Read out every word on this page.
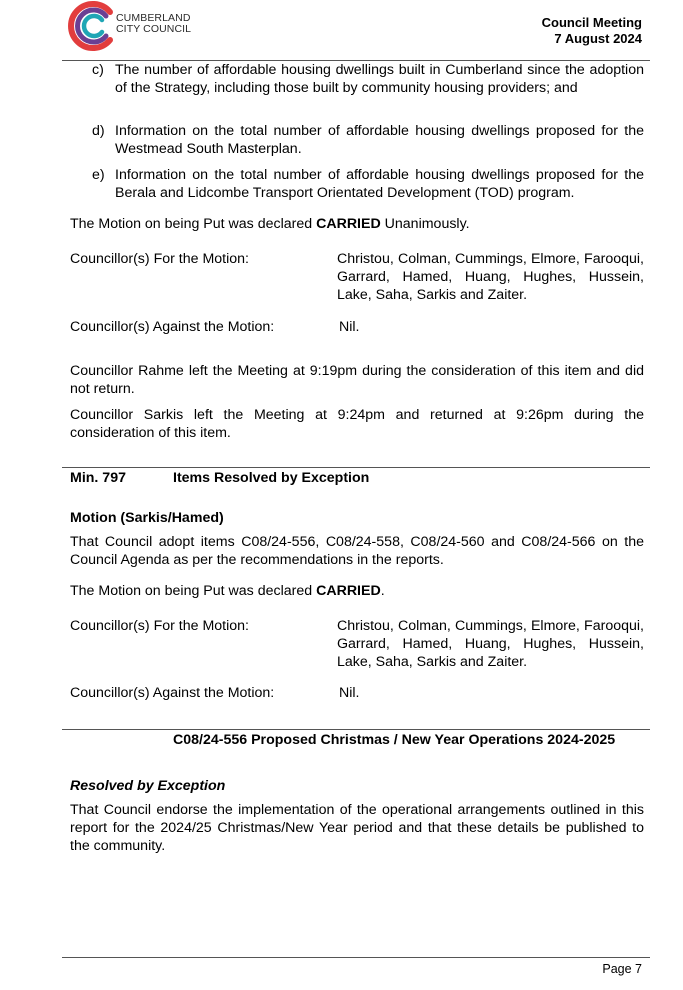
CUMBERLAND
CITY COUNCIL	Council Meeting
7 August 2024
c) The number of affordable housing dwellings built in Cumberland since the adoption of the Strategy, including those built by community housing providers; and
d) Information on the total number of affordable housing dwellings proposed for the Westmead South Masterplan.
e) Information on the total number of affordable housing dwellings proposed for the Berala and Lidcombe Transport Orientated Development (TOD) program.
The Motion on being Put was declared CARRIED Unanimously.
Councillor(s) For the Motion:	Christou, Colman, Cummings, Elmore, Farooqui, Garrard, Hamed, Huang, Hughes, Hussein, Lake, Saha, Sarkis and Zaiter.
Councillor(s) Against the Motion:	Nil.
Councillor Rahme left the Meeting at 9:19pm during the consideration of this item and did not return.
Councillor Sarkis left the Meeting at 9:24pm and returned at 9:26pm during the consideration of this item.
Min. 797	Items Resolved by Exception
Motion (Sarkis/Hamed)
That Council adopt items C08/24-556, C08/24-558, C08/24-560 and C08/24-566 on the Council Agenda as per the recommendations in the reports.
The Motion on being Put was declared CARRIED.
Councillor(s) For the Motion:	Christou, Colman, Cummings, Elmore, Farooqui, Garrard, Hamed, Huang, Hughes, Hussein, Lake, Saha, Sarkis and Zaiter.
Councillor(s) Against the Motion:	Nil.
C08/24-556 Proposed Christmas / New Year Operations 2024-2025
Resolved by Exception
That Council endorse the implementation of the operational arrangements outlined in this report for the 2024/25 Christmas/New Year period and that these details be published to the community.
Page 7
